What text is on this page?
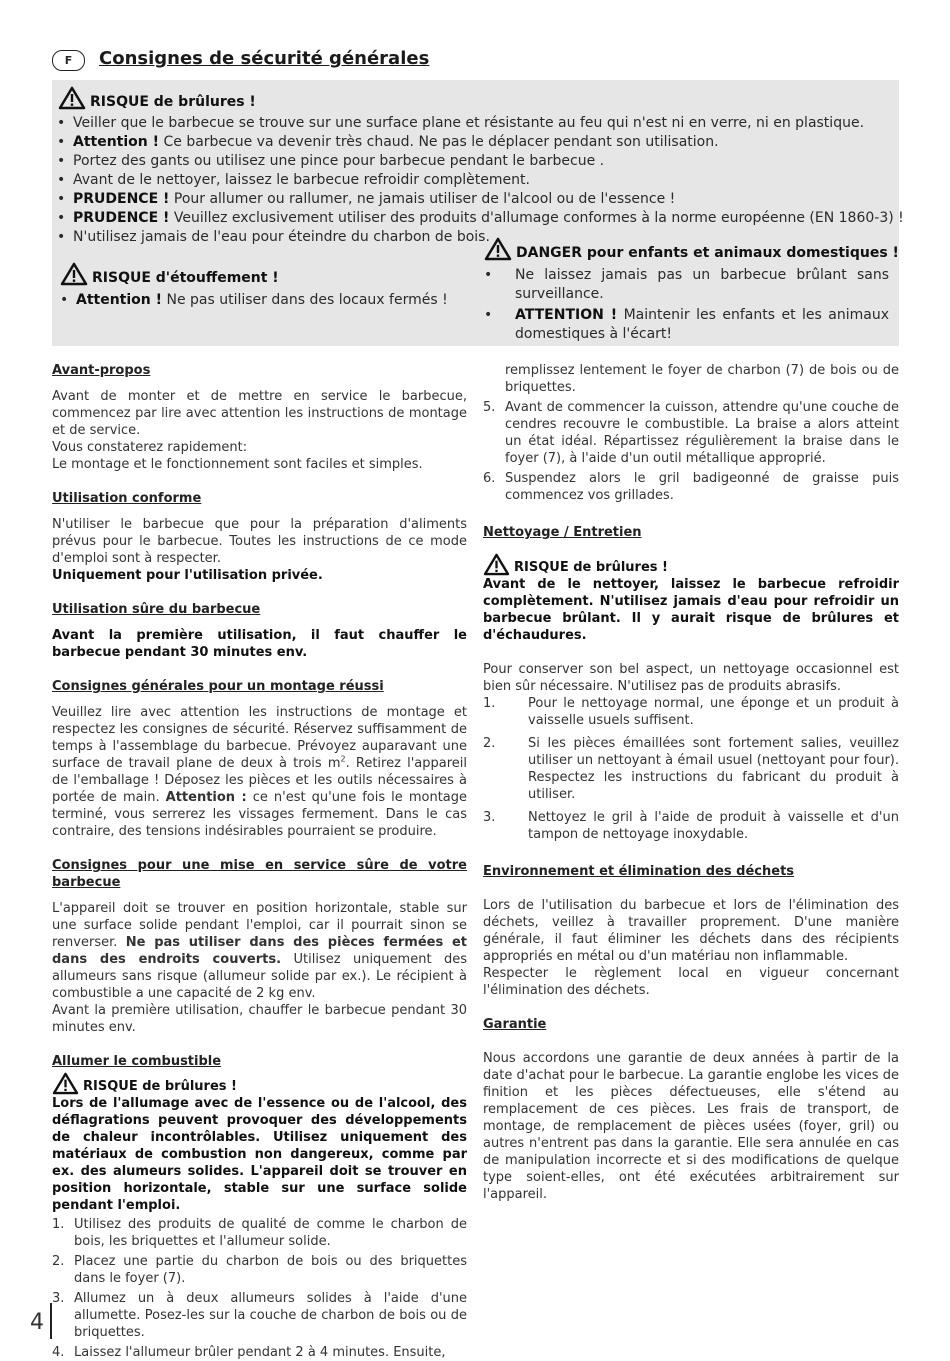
F	Consignes de sécurité générales
RISQUE de brûlures !
• Veiller que le barbecue se trouve sur une surface plane et résistante au feu qui n'est ni en verre, ni en plastique.
• Attention ! Ce barbecue va devenir très chaud. Ne pas le déplacer pendant son utilisation.
• Portez des gants ou utilisez une pince pour barbecue pendant le barbecue .
• Avant de le nettoyer, laissez le barbecue refroidir complètement.
• PRUDENCE ! Pour allumer ou rallumer, ne jamais utiliser de l'alcool ou de l'essence !
• PRUDENCE ! Veuillez exclusivement utiliser des produits d'allumage conformes à la norme européenne (EN 1860-3) !
• N'utilisez jamais de l'eau pour éteindre du charbon de bois.
RISQUE d'étouffement !
• Attention ! Ne pas utiliser dans des locaux fermés !
DANGER pour enfants et animaux domestiques !
• Ne laissez jamais pas un barbecue brûlant sans surveillance.
• ATTENTION ! Maintenir les enfants et les animaux domestiques à l'écart!
Avant-propos
Avant de monter et de mettre en service le barbecue, commencez par lire avec attention les instructions de montage et de service.
Vous constaterez rapidement:
Le montage et le fonctionnement sont faciles et simples.
Utilisation conforme
N'utiliser le barbecue que pour la préparation d'aliments prévus pour le barbecue. Toutes les instructions de ce mode d'emploi sont à respecter.
Uniquement pour l'utilisation privée.
Utilisation sûre du barbecue
Avant la première utilisation, il faut chauffer le barbecue pendant 30 minutes env.
Consignes générales pour un montage réussi
Veuillez lire avec attention les instructions de montage et respectez les consignes de sécurité. Réservez suffisamment de temps à l'assemblage du barbecue. Prévoyez auparavant une surface de travail plane de deux à trois $m^2$. Retirez l'appareil de l'emballage ! Déposez les pièces et les outils nécessaires à portée de main. Attention : ce n'est qu'une fois le montage terminé, vous serrerez les vissages fermement. Dans le cas contraire, des tensions indésirables pourraient se produire.
Consignes pour une mise en service sûre de votre barbecue
L'appareil doit se trouver en position horizontale, stable sur une surface solide pendant l'emploi, car il pourrait sinon se renverser. Ne pas utiliser dans des pièces fermées et dans des endroits couverts. Utilisez uniquement des allumeurs sans risque (allumeur solide par ex.). Le récipient à combustible a une capacité de 2 kg env.
Avant la première utilisation, chauffer le barbecue pendant 30 minutes env.
Allumer le combustible
RISQUE de brûlures !
Lors de l'allumage avec de l'essence ou de l'alcool, des déflagrations peuvent provoquer des développements de chaleur incontrôlables. Utilisez uniquement des matériaux de combustion non dangereux, comme par ex. des alumeurs solides. L'appareil doit se trouver en position horizontale, stable sur une surface solide pendant l'emploi.
1. Utilisez des produits de qualité de comme le charbon de bois, les briquettes et l'allumeur solide.
2. Placez une partie du charbon de bois ou des briquettes dans le foyer (7).
3. Allumez un à deux allumeurs solides à l'aide d'une allumette. Posez-les sur la couche de charbon de bois ou de briquettes.
4. Laissez l'allumeur brûler pendant 2 à 4 minutes. Ensuite,
remplissez lentement le foyer de charbon (7) de bois ou de briquettes.
5. Avant de commencer la cuisson, attendre qu'une couche de cendres recouvre le combustible. La braise a alors atteint un état idéal. Répartissez régulièrement la braise dans le foyer (7), à l'aide d'un outil métallique approprié.
6. Suspendez alors le gril badigeonné de graisse puis commencez vos grillades.
Nettoyage / Entretien
RISQUE de brûlures !
Avant de le nettoyer, laissez le barbecue refroidir complètement. N'utilisez jamais d'eau pour refroidir un barbecue brûlant. Il y aurait risque de brûlures et d'échaudures.
Pour conserver son bel aspect, un nettoyage occasionnel est bien sûr nécessaire. N'utilisez pas de produits abrasifs.
1.	Pour le nettoyage normal, une éponge et un produit à vaisselle usuels suffisent.
2.	Si les pièces émaillées sont fortement salies, veuillez utiliser un nettoyant à émail usuel (nettoyant pour four). Respectez les instructions du fabricant du produit à utiliser.
3.	Nettoyez le gril à l'aide de produit à vaisselle et d'un tampon de nettoyage inoxydable.
Environnement et élimination des déchets
Lors de l'utilisation du barbecue et lors de l'élimination des déchets, veillez à travailler proprement. D'une manière générale, il faut éliminer les déchets dans des récipients appropriés en métal ou d'un matériau non inflammable.
Respecter le règlement local en vigueur concernant l'élimination des déchets.
Garantie
Nous accordons une garantie de deux années à partir de la date d'achat pour le barbecue. La garantie englobe les vices de finition et les pièces défectueuses, elle s'étend au remplacement de ces pièces. Les frais de transport, de montage, de remplacement de pièces usées (foyer, gril) ou autres n'entrent pas dans la garantie. Elle sera annulée en cas de manipulation incorrecte et si des modifications de quelque type soient-elles, ont été exécutées arbitrairement sur l'appareil.
4
